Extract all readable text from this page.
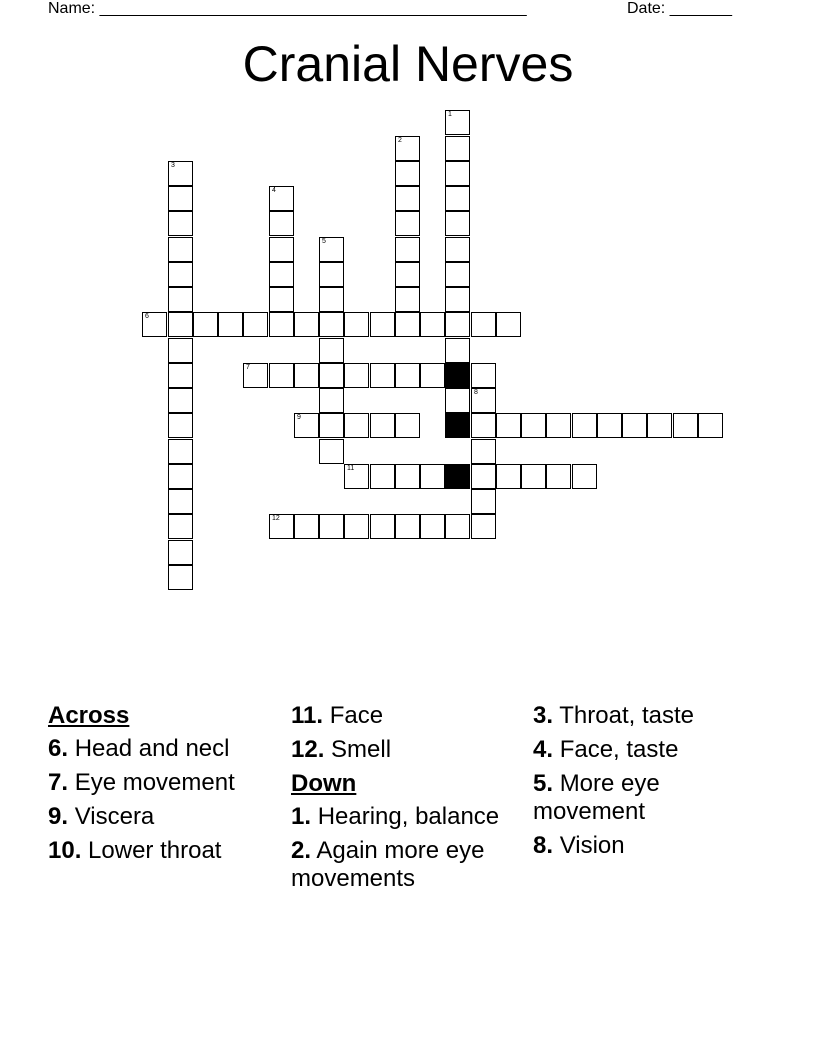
Name: ________________________________________________	Date: _______
Cranial Nerves
1
2
3
4
5
6
7
8
9
11
12
Across
6. Head and necl
7. Eye movement
9. Viscera
10. Lower throat
11. Face
12. Smell
Down
1. Hearing, balance
2. Again more eye movements
3. Throat, taste
4. Face, taste
5. More eye movement
8. Vision
